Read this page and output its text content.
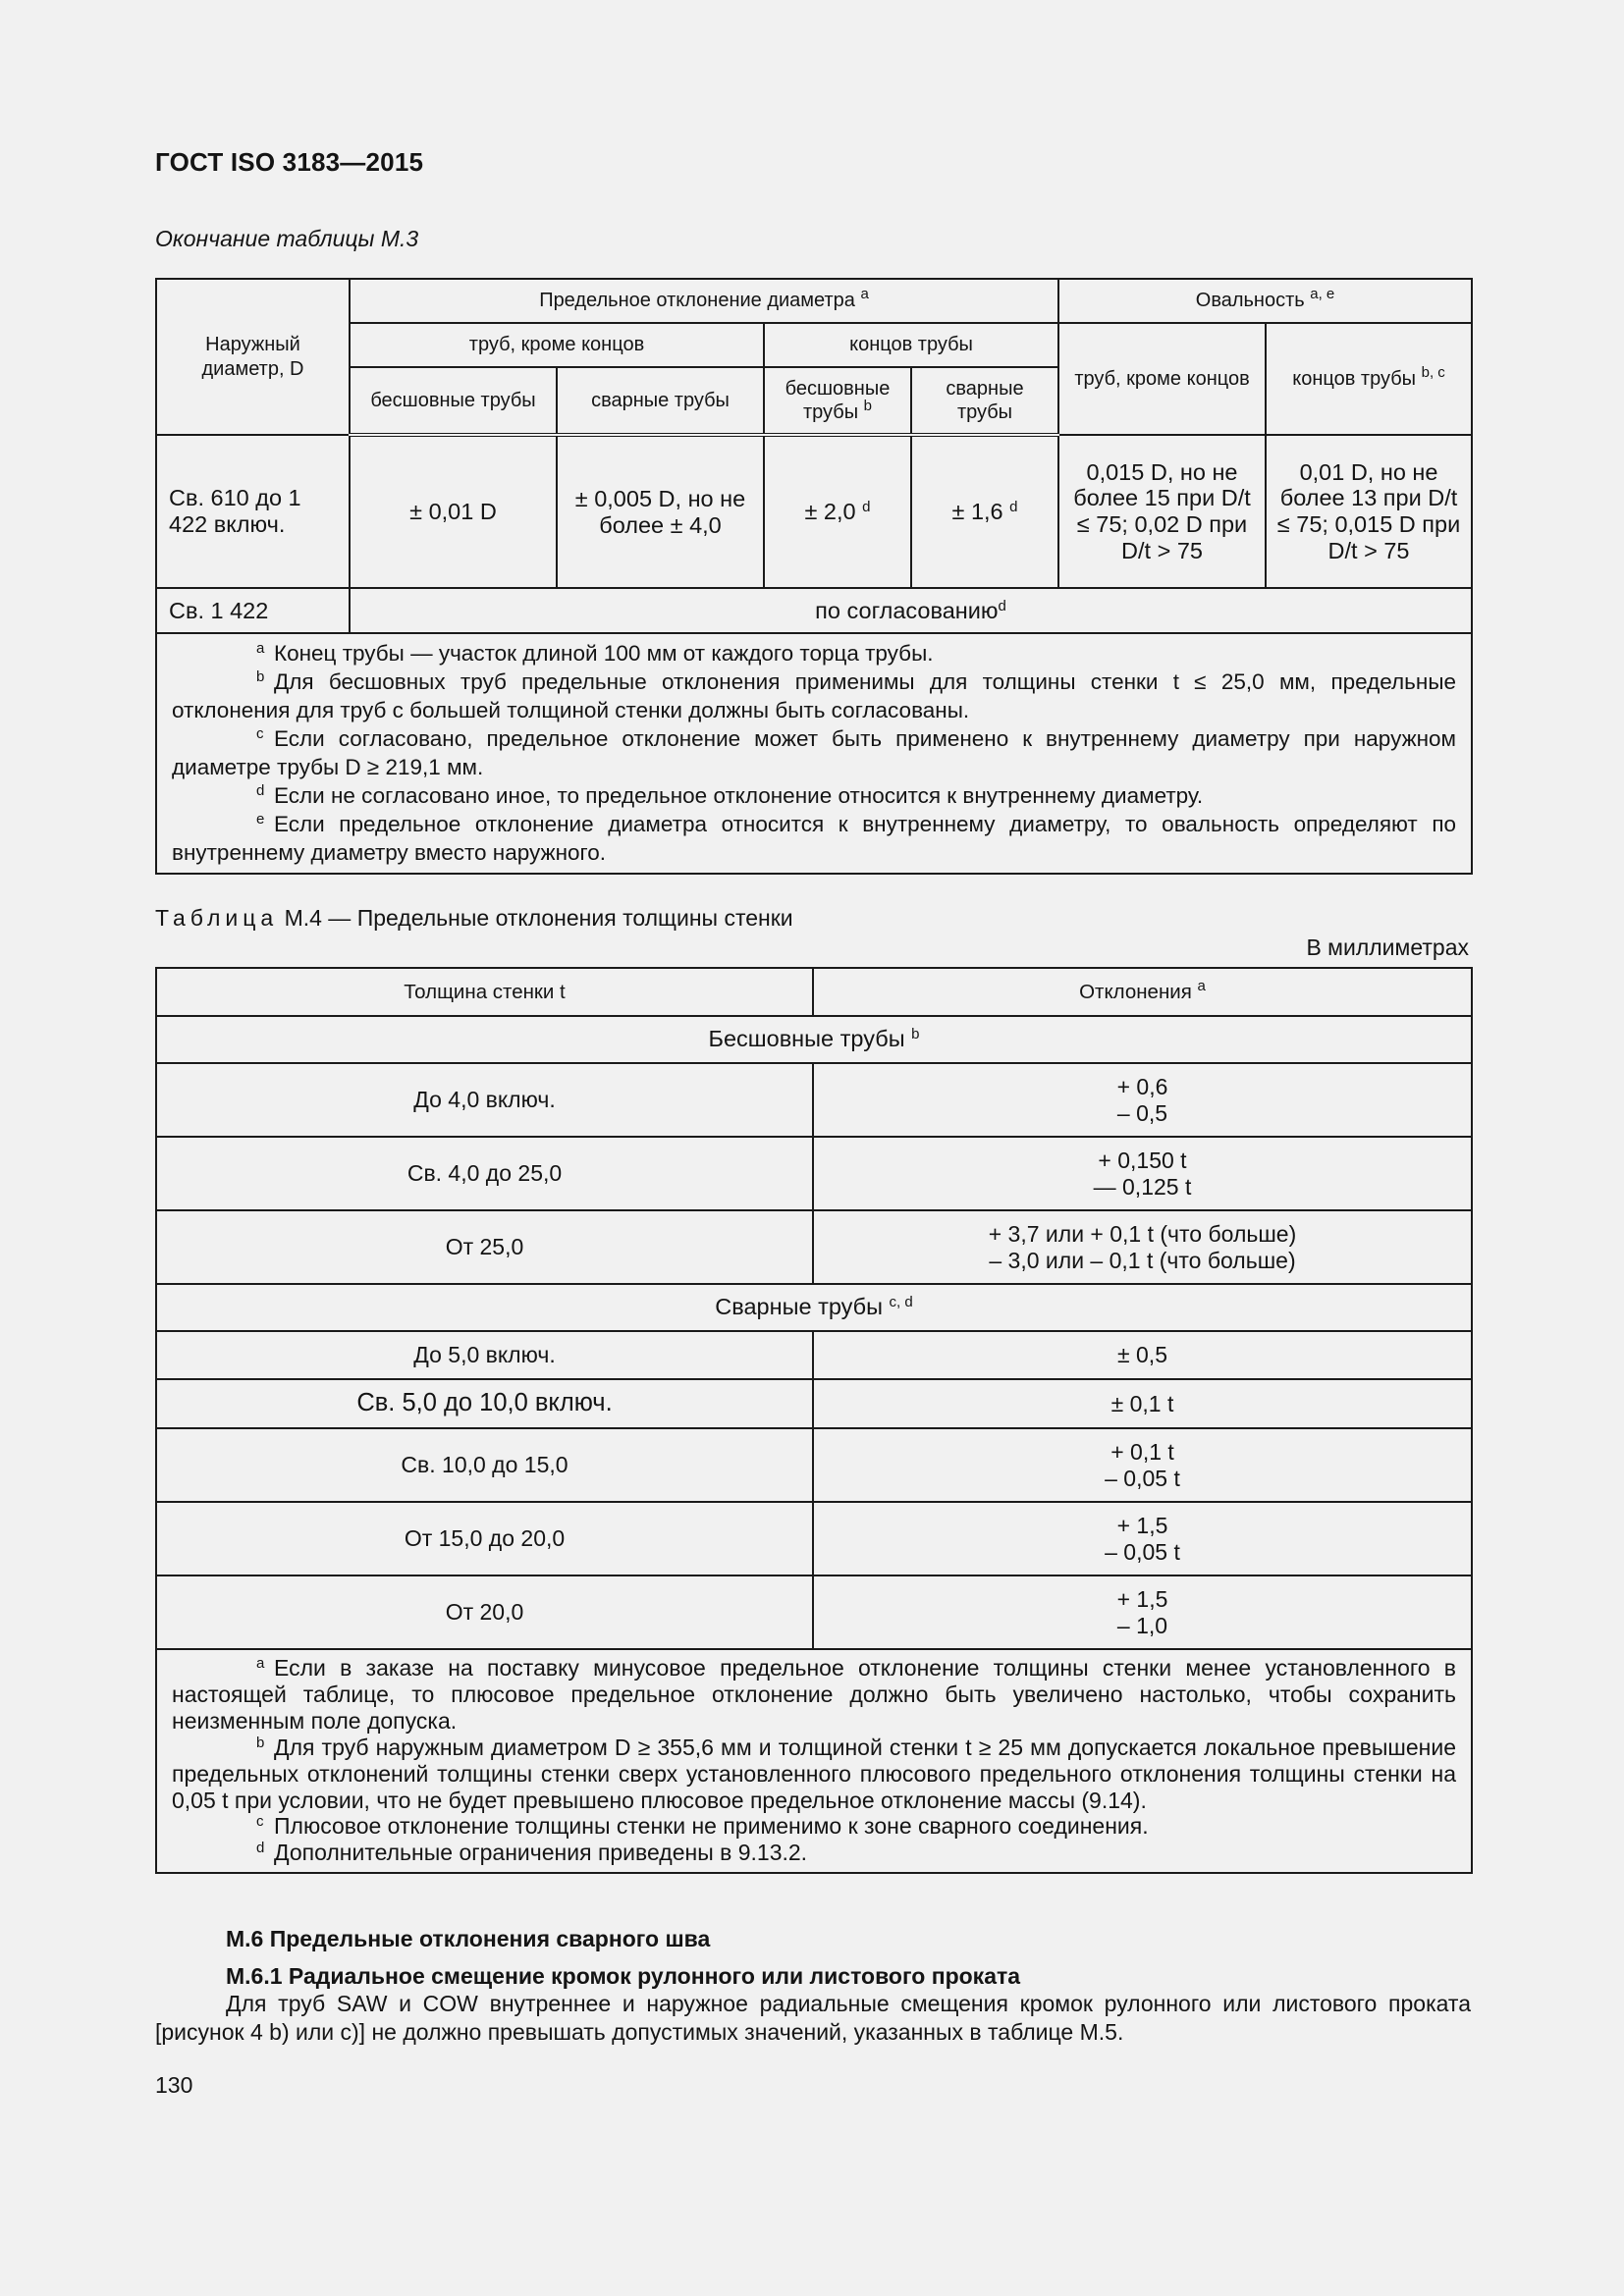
ГОСТ ISO 3183—2015
Окончание таблицы М.3
Наружный диаметр, D	Предельное отклонение диаметра $^a$				Овальность $^{a, e}$
	труб, кроме концов		концов трубы		труб, кроме концов	концов трубы $^{b, c}$
	бесшовные трубы	сварные трубы	бесшовные трубы $^b$	сварные трубы		
Св. 610 до 1 422 включ.	± 0,01 D	± 0,005 D, но не более ± 4,0	± 2,0 $^d$	± 1,6 $^d$	0,015 D, но не более 15 при D/t ≤ 75; 0,02 D при D/t > 75	0,01 D, но не более 13 при D/t ≤ 75; 0,015 D при D/t > 75
Св. 1 422	по согласованию$^d$

a Конец трубы — участок длиной 100 мм от каждого торца трубы.

b Для бесшовных труб предельные отклонения применимы для толщины стенки t ≤ 25,0 мм, предельные отклонения для труб с большей толщиной стенки должны быть согласованы.

c Если согласовано, предельное отклонение может быть применено к внутреннему диаметру при наружном диаметре трубы D ≥ 219,1 мм.

d Если не согласовано иное, то предельное отклонение относится к внутреннему диаметру.

e Если предельное отклонение диаметра относится к внутреннему диаметру, то овальность определяют по внутреннему диаметру вместо наружного.						

Таблица М.4 — Предельные отклонения толщины стенки
В миллиметрах
Толщина стенки t	Отклонения $^a$
Бесшовные трубы $^b$
До 4,0 включ.	+ 0,6
– 0,5

Св. 4,0 до 25,0	+ 0,150 t
— 0,125 t

От 25,0	+ 3,7 или + 0,1 t (что больше)
– 3,0 или – 0,1 t (что больше)

Сварные трубы $^{c, d}$
До 5,0 включ.	± 0,5
Св. 5,0 до 10,0 включ.	± 0,1 t
Св. 10,0 до 15,0	+ 0,1 t
– 0,05 t

От 15,0 до 20,0	+ 1,5
– 0,05 t

От 20,0	+ 1,5
– 1,0

a Если в заказе на поставку минусовое предельное отклонение толщины стенки менее установленного в настоящей таблице, то плюсовое предельное отклонение должно быть увеличено настолько, чтобы сохранить неизменным поле допуска.

b Для труб наружным диаметром D ≥ 355,6 мм и толщиной стенки t ≥ 25 мм допускается локальное превышение предельных отклонений толщины стенки сверх установленного плюсового предельного отклонения толщины стенки на 0,05 t при условии, что не будет превышено плюсовое предельное отклонение массы (9.14).

c Плюсовое отклонение толщины стенки не применимо к зоне сварного соединения.

d Дополнительные ограничения приведены в 9.13.2.	

М.6 Предельные отклонения сварного шва
М.6.1 Радиальное смещение кромок рулонного или листового проката

Для труб SAW и COW внутреннее и наружное радиальные смещения кромок рулонного или листового проката [рисунок 4 b) или c)] не должно превышать допустимых значений, указанных в таблице М.5.

130
